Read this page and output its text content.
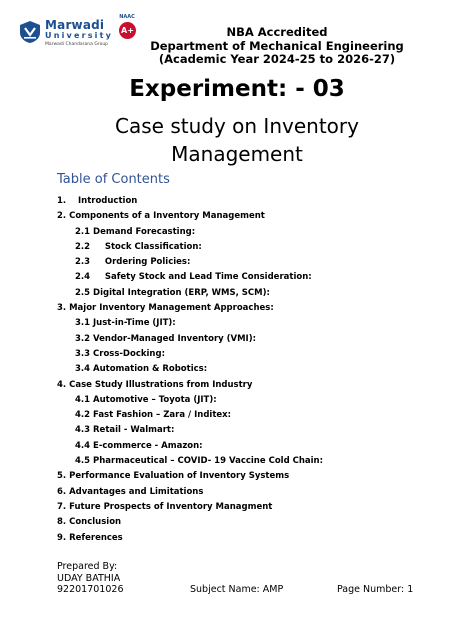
Marwadi
University
Marwadi Chandarana Group
NAAC
A+	NBA Accredited
Department of Mechanical Engineering
(Academic Year 2024-25 to 2026-27)
Experiment: - 03
Case study on Inventory
Management
Table of Contents
1.    Introduction
2. Components of a Inventory Management
2.1 Demand Forecasting:
2.2     Stock Classification:
2.3     Ordering Policies:
2.4     Safety Stock and Lead Time Consideration:
2.5 Digital Integration (ERP, WMS, SCM):
3. Major Inventory Management Approaches:
3.1 Just-in-Time (JIT):
3.2 Vendor-Managed Inventory (VMI):
3.3 Cross-Docking:
3.4 Automation & Robotics:
4. Case Study Illustrations from Industry
4.1 Automotive – Toyota (JIT):
4.2 Fast Fashion – Zara / Inditex:
4.3 Retail - Walmart:
4.4 E-commerce - Amazon:
4.5 Pharmaceutical – COVID- 19 Vaccine Cold Chain:
5. Performance Evaluation of Inventory Systems
6. Advantages and Limitations
7. Future Prospects of Inventory Managment
8. Conclusion
9. References
Prepared By:
UDAY BATHIA
92201701026	Subject Name: AMP	Page Number: 1
